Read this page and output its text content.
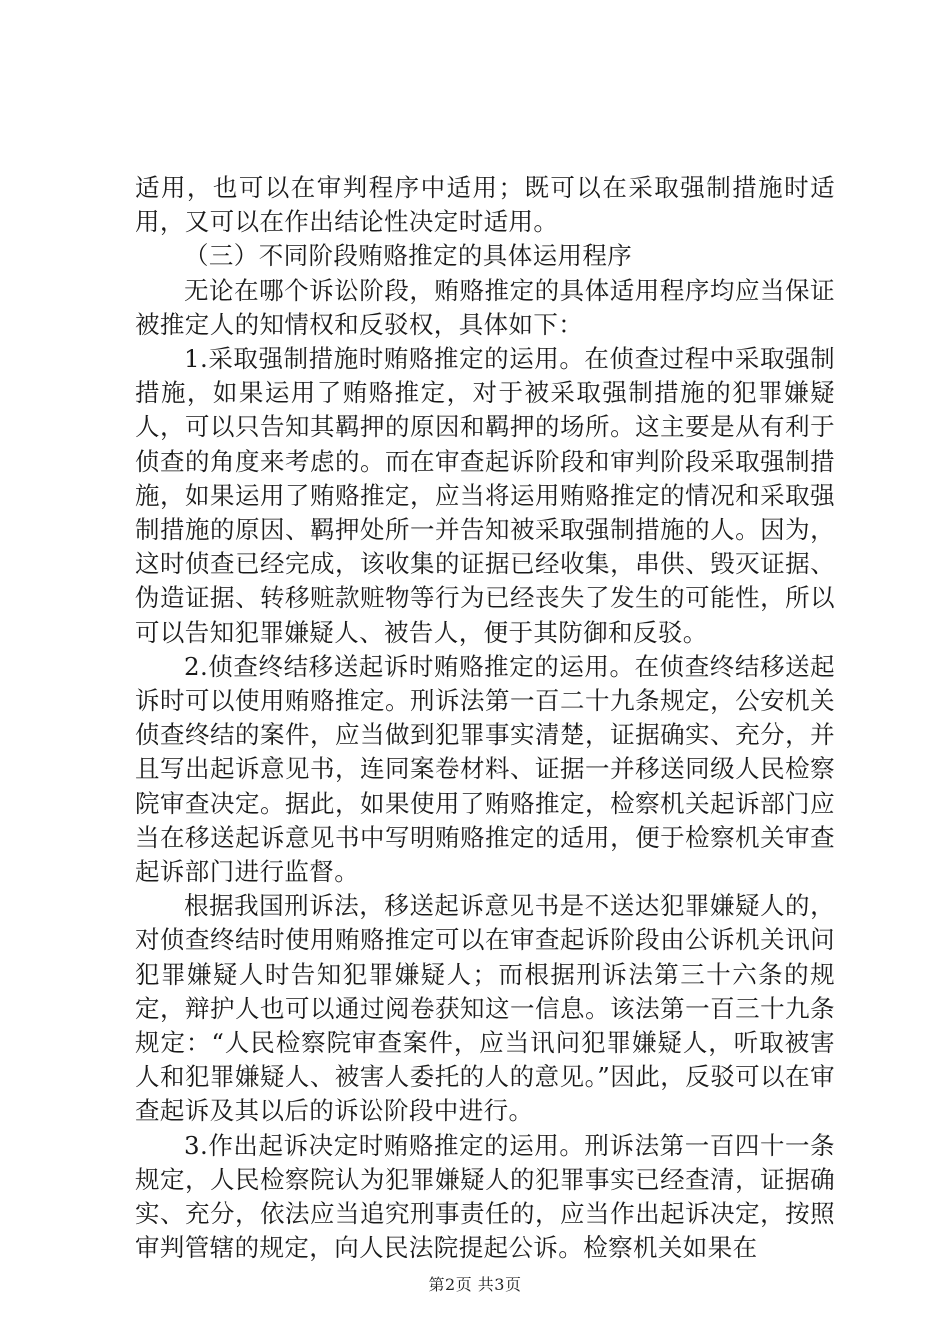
适用，也可以在审判程序中适用；既可以在采取强制措施时适用，又可以在作出结论性决定时适用。

（三）不同阶段贿赂推定的具体运用程序

无论在哪个诉讼阶段，贿赂推定的具体适用程序均应当保证被推定人的知情权和反驳权，具体如下：

1.采取强制措施时贿赂推定的运用。在侦查过程中采取强制措施，如果运用了贿赂推定，对于被采取强制措施的犯罪嫌疑人，可以只告知其羁押的原因和羁押的场所。这主要是从有利于侦查的角度来考虑的。而在审查起诉阶段和审判阶段采取强制措施，如果运用了贿赂推定，应当将运用贿赂推定的情况和采取强制措施的原因、羁押处所一并告知被采取强制措施的人。因为，这时侦查已经完成，该收集的证据已经收集，串供、毁灭证据、伪造证据、转移赃款赃物等行为已经丧失了发生的可能性，所以可以告知犯罪嫌疑人、被告人，便于其防御和反驳。

2.侦查终结移送起诉时贿赂推定的运用。在侦查终结移送起诉时可以使用贿赂推定。刑诉法第一百二十九条规定，公安机关侦查终结的案件，应当做到犯罪事实清楚，证据确实、充分，并且写出起诉意见书，连同案卷材料、证据一并移送同级人民检察院审查决定。据此，如果使用了贿赂推定，检察机关起诉部门应当在移送起诉意见书中写明贿赂推定的适用，便于检察机关审查起诉部门进行监督。

根据我国刑诉法，移送起诉意见书是不送达犯罪嫌疑人的，对侦查终结时使用贿赂推定可以在审查起诉阶段由公诉机关讯问犯罪嫌疑人时告知犯罪嫌疑人；而根据刑诉法第三十六条的规定，辩护人也可以通过阅卷获知这一信息。该法第一百三十九条规定：“人民检察院审查案件，应当讯问犯罪嫌疑人，听取被害人和犯罪嫌疑人、被害人委托的人的意见。”因此，反驳可以在审查起诉及其以后的诉讼阶段中进行。

3.作出起诉决定时贿赂推定的运用。刑诉法第一百四十一条规定，人民检察院认为犯罪嫌疑人的犯罪事实已经查清，证据确实、充分，依法应当追究刑事责任的，应当作出起诉决定，按照审判管辖的规定，向人民法院提起公诉。检察机关如果在

第2页 共3页
